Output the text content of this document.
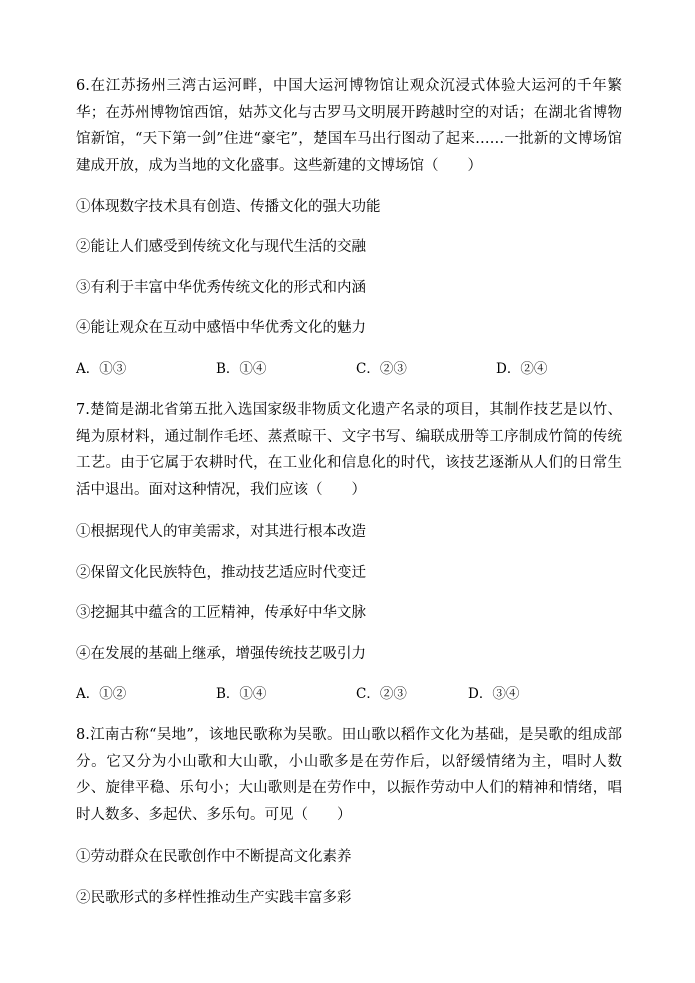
6.在江苏扬州三湾古运河畔，中国大运河博物馆让观众沉浸式体验大运河的千年繁华；在苏州博物馆西馆，姑苏文化与古罗马文明展开跨越时空的对话；在湖北省博物馆新馆，“天下第一剑”住进“豪宅”，楚国车马出行图动了起来……一批新的文博场馆建成开放，成为当地的文化盛事。这些新建的文博场馆（　　）

①体现数字技术具有创造、传播文化的强大功能

②能让人们感受到传统文化与现代生活的交融

③有利于丰富中华优秀传统文化的形式和内涵

④能让观众在互动中感悟中华优秀文化的魅力

A．①③	B．①④	C．②③	D．②④

7.楚简是湖北省第五批入选国家级非物质文化遗产名录的项目，其制作技艺是以竹、绳为原材料，通过制作毛坯、蒸煮晾干、文字书写、编联成册等工序制成竹简的传统工艺。由于它属于农耕时代，在工业化和信息化的时代，该技艺逐渐从人们的日常生活中退出。面对这种情况，我们应该（　　）

①根据现代人的审美需求，对其进行根本改造

②保留文化民族特色，推动技艺适应时代变迁

③挖掘其中蕴含的工匠精神，传承好中华文脉

④在发展的基础上继承，增强传统技艺吸引力

A．①②	B．①④	C．②③	D．③④

8.江南古称“吴地”，该地民歌称为吴歌。田山歌以稻作文化为基础，是吴歌的组成部分。它又分为小山歌和大山歌，小山歌多是在劳作后，以舒缓情绪为主，唱时人数少、旋律平稳、乐句小；大山歌则是在劳作中，以振作劳动中人们的精神和情绪，唱时人数多、多起伏、多乐句。可见（　　）

①劳动群众在民歌创作中不断提高文化素养

②民歌形式的多样性推动生产实践丰富多彩
